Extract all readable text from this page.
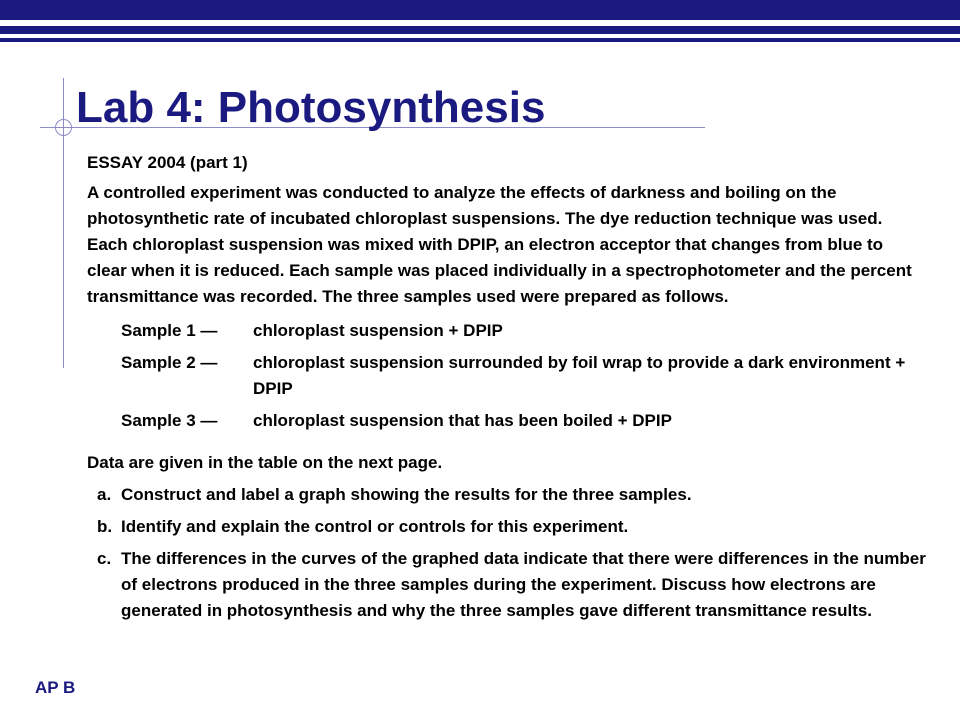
Lab 4: Photosynthesis

ESSAY 2004 (part 1)

A controlled experiment was conducted to analyze the effects of darkness and boiling on the photosynthetic rate of incubated chloroplast suspensions. The dye reduction technique was used. Each chloroplast suspension was mixed with DPIP, an electron acceptor that changes from blue to clear when it is reduced. Each sample was placed individually in a spectrophotometer and the percent transmittance was recorded. The three samples used were prepared as follows.

Sample 1 —	chloroplast suspension + DPIP
Sample 2 —	chloroplast suspension surrounded by foil wrap to provide a dark environment + DPIP
Sample 3 —	chloroplast suspension that has been boiled + DPIP

Data are given in the table on the next page.

a. Construct and label a graph showing the results for the three samples.
b. Identify and explain the control or controls for this experiment.
c. The differences in the curves of the graphed data indicate that there were differences in the number of electrons produced in the three samples during the experiment. Discuss how electrons are generated in photosynthesis and why the three samples gave different transmittance results.
AP B
